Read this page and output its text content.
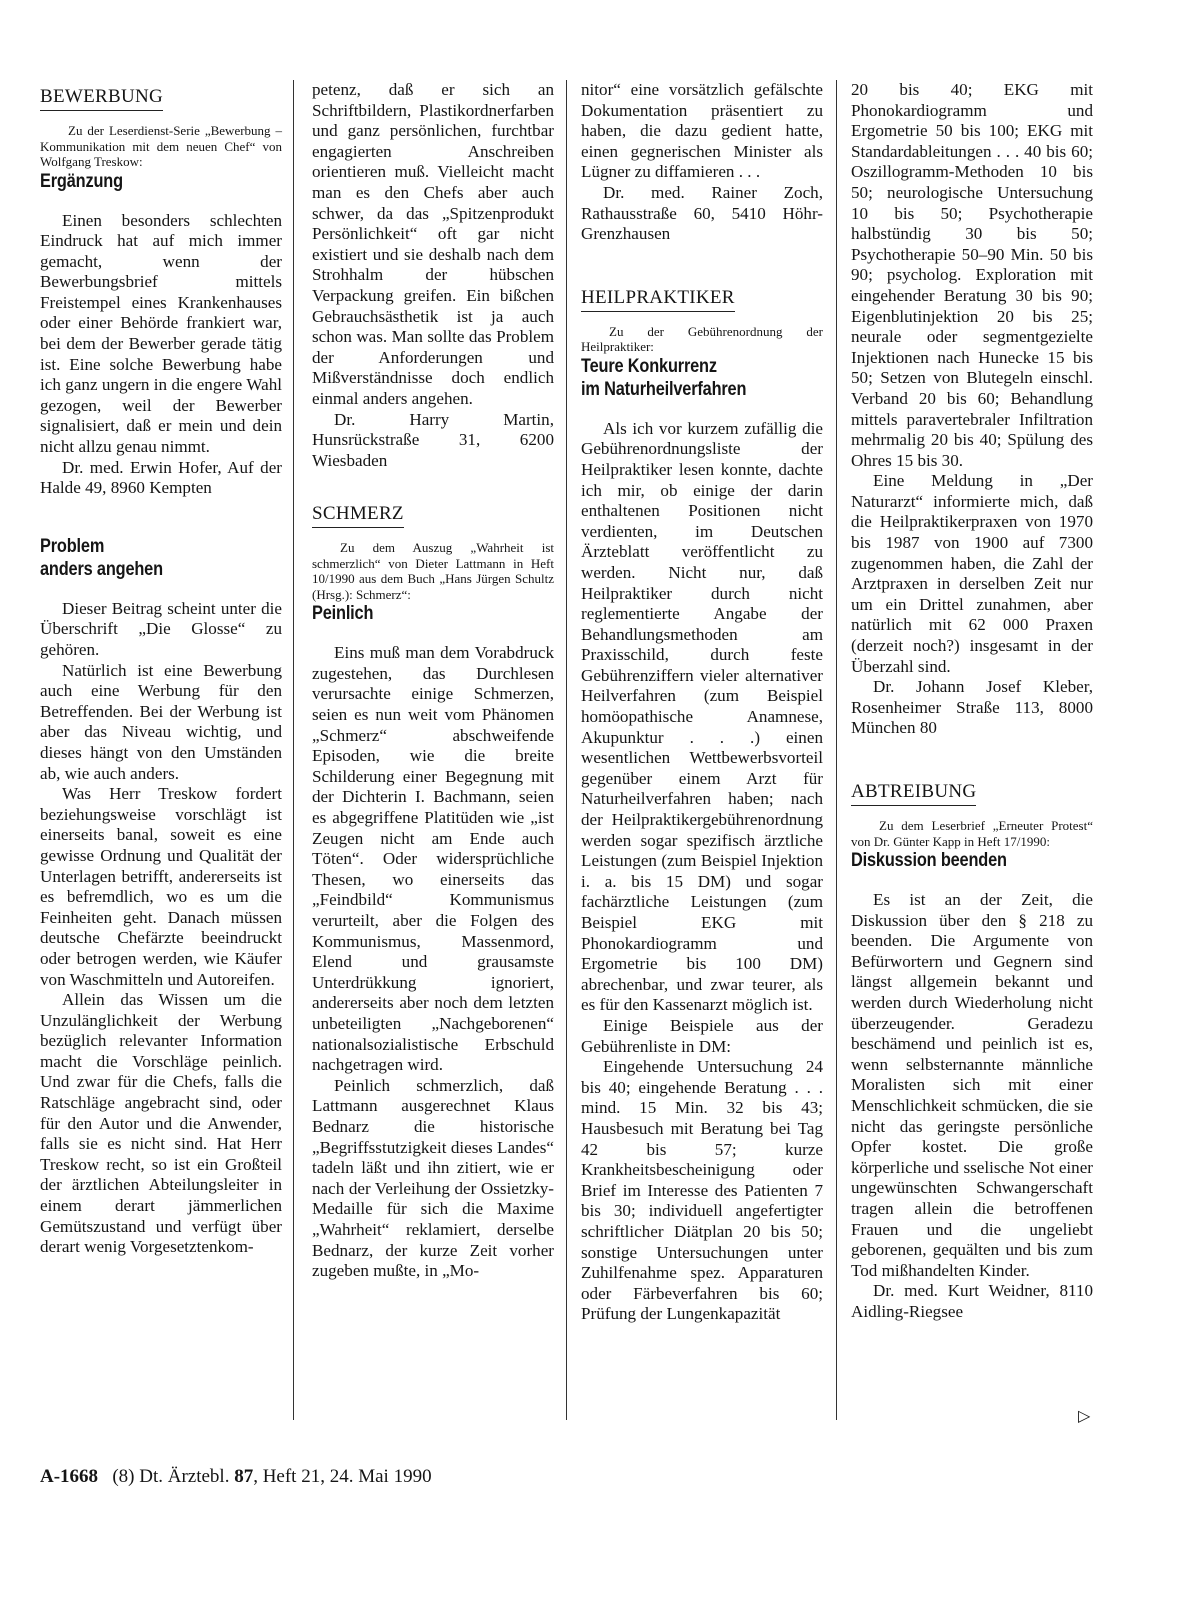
BEWERBUNG

Zu der Leserdienst-Serie „Bewerbung – Kommunikation mit dem neuen Chef“ von Wolfgang Treskow:

Ergänzung

Einen besonders schlechten Eindruck hat auf mich immer gemacht, wenn der Bewerbungsbrief mittels Freistempel eines Krankenhauses oder einer Behörde frankiert war, bei dem der Bewerber gerade tätig ist. Eine solche Bewerbung habe ich ganz ungern in die engere Wahl gezogen, weil der Bewerber signalisiert, daß er mein und dein nicht allzu genau nimmt.

Dr. med. Erwin Hofer, Auf der Halde 49, 8960 Kempten

Problem
anders angehen

Dieser Beitrag scheint unter die Überschrift „Die Glosse“ zu gehören.

Natürlich ist eine Bewerbung auch eine Werbung für den Betreffenden. Bei der Werbung ist aber das Niveau wichtig, und dieses hängt von den Umständen ab, wie auch anders.

Was Herr Treskow fordert beziehungsweise vorschlägt ist einerseits banal, soweit es eine gewisse Ordnung und Qualität der Unterlagen betrifft, andererseits ist es befremdlich, wo es um die Feinheiten geht. Danach müssen deutsche Chefärzte beeindruckt oder betrogen werden, wie Käufer von Waschmitteln und Autoreifen.

Allein das Wissen um die Unzulänglichkeit der Werbung bezüglich relevanter Information macht die Vorschläge peinlich. Und zwar für die Chefs, falls die Ratschläge angebracht sind, oder für den Autor und die Anwender, falls sie es nicht sind. Hat Herr Treskow recht, so ist ein Großteil der ärztlichen Abteilungsleiter in einem derart jämmerlichen Gemütszustand und verfügt über derart wenig Vorgesetztenkom-

petenz, daß er sich an Schriftbildern, Plastikordnerfarben und ganz persönlichen, furchtbar engagierten Anschreiben orientieren muß. Vielleicht macht man es den Chefs aber auch schwer, da das „Spitzenprodukt Persönlichkeit“ oft gar nicht existiert und sie deshalb nach dem Strohhalm der hübschen Verpackung greifen. Ein bißchen Gebrauchsästhetik ist ja auch schon was. Man sollte das Problem der Anforderungen und Mißverständnisse doch endlich einmal anders angehen.

Dr. Harry Martin, Hunsrückstraße 31, 6200 Wiesbaden

SCHMERZ

Zu dem Auszug „Wahrheit ist schmerzlich“ von Dieter Lattmann in Heft 10/1990 aus dem Buch „Hans Jürgen Schultz (Hrsg.): Schmerz“:

Peinlich

Eins muß man dem Vorabdruck zugestehen, das Durchlesen verursachte einige Schmerzen, seien es nun weit vom Phänomen „Schmerz“ abschweifende Episoden, wie die breite Schilderung einer Begegnung mit der Dichterin I. Bachmann, seien es abgegriffene Platitüden wie „ist Zeugen nicht am Ende auch Töten“. Oder widersprüchliche Thesen, wo einerseits das „Feindbild“ Kommunismus verurteilt, aber die Folgen des Kommunismus, Massenmord, Elend und grausamste Unterdrükkung ignoriert, andererseits aber noch dem letzten unbeteiligten „Nachgeborenen“ nationalsozialistische Erbschuld nachgetragen wird.

Peinlich schmerzlich, daß Lattmann ausgerechnet Klaus Bednarz die historische „Begriffsstutzigkeit dieses Landes“ tadeln läßt und ihn zitiert, wie er nach der Verleihung der Ossietzky-Medaille für sich die Maxime „Wahrheit“ reklamiert, derselbe Bednarz, der kurze Zeit vorher zugeben mußte, in „Mo-

nitor“ eine vorsätzlich gefälschte Dokumentation präsentiert zu haben, die dazu gedient hatte, einen gegnerischen Minister als Lügner zu diffamieren . . .

Dr. med. Rainer Zoch, Rathausstraße 60, 5410 Höhr-Grenzhausen

HEILPRAKTIKER

Zu der Gebührenordnung der Heilpraktiker:

Teure Konkurrenz
im Naturheilverfahren

Als ich vor kurzem zufällig die Gebührenordnungsliste der Heilpraktiker lesen konnte, dachte ich mir, ob einige der darin enthaltenen Positionen nicht verdienten, im Deutschen Ärzteblatt veröffentlicht zu werden. Nicht nur, daß Heilpraktiker durch nicht reglementierte Angabe der Behandlungsmethoden am Praxisschild, durch feste Gebührenziffern vieler alternativer Heilverfahren (zum Beispiel homöopathische Anamnese, Akupunktur . . .) einen wesentlichen Wettbewerbsvorteil gegenüber einem Arzt für Naturheilverfahren haben; nach der Heilpraktikergebührenordnung werden sogar spezifisch ärztliche Leistungen (zum Beispiel Injektion i. a. bis 15 DM) und sogar fachärztliche Leistungen (zum Beispiel EKG mit Phonokardiogramm und Ergometrie bis 100 DM) abrechenbar, und zwar teurer, als es für den Kassenarzt möglich ist.

Einige Beispiele aus der Gebührenliste in DM:

Eingehende Untersuchung 24 bis 40; eingehende Beratung . . . mind. 15 Min. 32 bis 43; Hausbesuch mit Beratung bei Tag 42 bis 57; kurze Krankheitsbescheinigung oder Brief im Interesse des Patienten 7 bis 30; individuell angefertigter schriftlicher Diätplan 20 bis 50; sonstige Untersuchungen unter Zuhilfenahme spez. Apparaturen oder Färbeverfahren bis 60; Prüfung der Lungenkapazität

20 bis 40; EKG mit Phonokardiogramm und Ergometrie 50 bis 100; EKG mit Standardableitungen . . . 40 bis 60; Oszillogramm-Methoden 10 bis 50; neurologische Untersuchung 10 bis 50; Psychotherapie halbstündig 30 bis 50; Psychotherapie 50–90 Min. 50 bis 90; psycholog. Exploration mit eingehender Beratung 30 bis 90; Eigenblutinjektion 20 bis 25; neurale oder segmentgezielte Injektionen nach Hunecke 15 bis 50; Setzen von Blutegeln einschl. Verband 20 bis 60; Behandlung mittels paravertebraler Infiltration mehrmalig 20 bis 40; Spülung des Ohres 15 bis 30.

Eine Meldung in „Der Naturarzt“ informierte mich, daß die Heilpraktikerpraxen von 1970 bis 1987 von 1900 auf 7300 zugenommen haben, die Zahl der Arztpraxen in derselben Zeit nur um ein Drittel zunahmen, aber natürlich mit 62 000 Praxen (derzeit noch?) insgesamt in der Überzahl sind.

Dr. Johann Josef Kleber, Rosenheimer Straße 113, 8000 München 80

ABTREIBUNG

Zu dem Leserbrief „Erneuter Protest“ von Dr. Günter Kapp in Heft 17/1990:

Diskussion beenden

Es ist an der Zeit, die Diskussion über den § 218 zu beenden. Die Argumente von Befürwortern und Gegnern sind längst allgemein bekannt und werden durch Wiederholung nicht überzeugender. Geradezu beschämend und peinlich ist es, wenn selbsternannte männliche Moralisten sich mit einer Menschlichkeit schmücken, die sie nicht das geringste persönliche Opfer kostet. Die große körperliche und sselische Not einer ungewünschten Schwangerschaft tragen allein die betroffenen Frauen und die ungeliebt geborenen, gequälten und bis zum Tod mißhandelten Kinder.

Dr. med. Kurt Weidner, 8110 Aidling-Riegsee

▷
A-1668 (8) Dt. Ärztebl. 87, Heft 21, 24. Mai 1990
